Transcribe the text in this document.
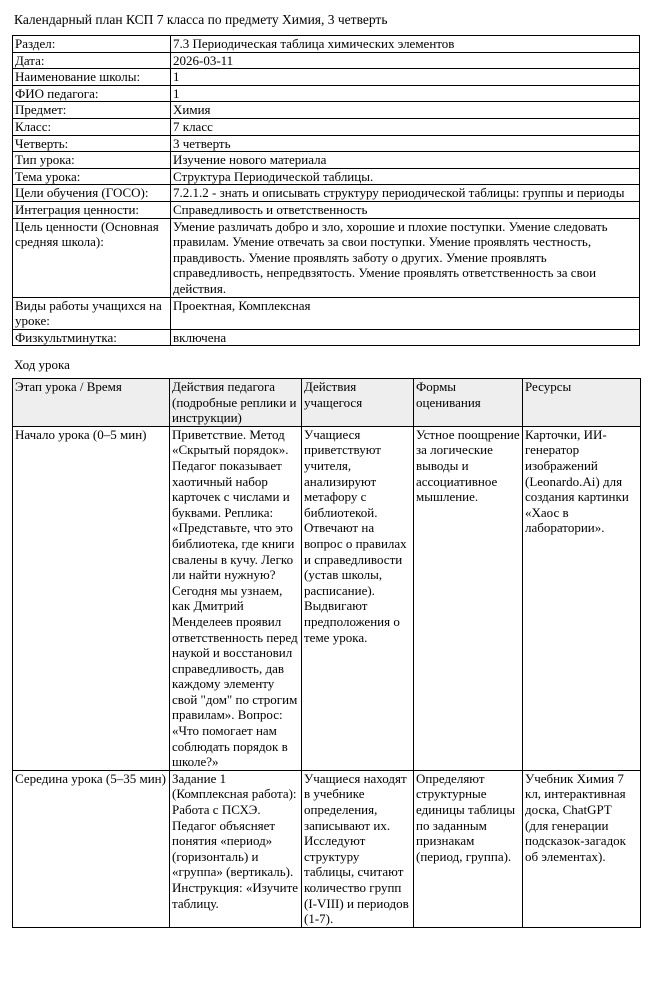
Календарный план КСП 7 класса по предмету Химия, 3 четверть
Раздел:	7.3 Периодическая таблица химических элементов
Дата:	2026-03-11
Наименование школы:	1
ФИО педагога:	1
Предмет:	Химия
Класс:	7 класс
Четверть:	3 четверть
Тип урока:	Изучение нового материала
Тема урока:	Структура Периодической таблицы.
Цели обучения (ГОСО):	7.2.1.2 - знать и описывать структуру периодической таблицы: группы и периоды
Интеграция ценности:	Справедливость и ответственность
Цель ценности (Основная средняя школа):	Умение различать добро и зло, хорошие и плохие поступки. Умение следовать правилам. Умение отвечать за свои поступки. Умение проявлять честность, правдивость. Умение проявлять заботу о других. Умение проявлять справедливость, непредвзятость. Умение проявлять ответственность за свои действия.
Виды работы учащихся на уроке:	Проектная, Комплексная
Физкультминутка:	включена
Ход урока
Этап урока / Время	Действия педагога (подробные реплики и инструкции)	Действия учащегося	Формы оценивания	Ресурсы
Начало урока (0–5 мин)	Приветствие. Метод «Скрытый порядок». Педагог показывает хаотичный набор карточек с числами и буквами. Реплика: «Представьте, что это библиотека, где книги свалены в кучу. Легко ли найти нужную? Сегодня мы узнаем, как Дмитрий Менделеев проявил ответственность перед наукой и восстановил справедливость, дав каждому элементу свой "дом" по строгим правилам». Вопрос: «Что помогает нам соблюдать порядок в школе?»	Учащиеся приветствуют учителя, анализируют метафору с библиотекой. Отвечают на вопрос о правилах и справедливости (устав школы, расписание). Выдвигают предположения о теме урока.	Устное поощрение за логические выводы и ассоциативное мышление.	Карточки, ИИ-генератор изображений (Leonardo.Ai) для создания картинки «Хаос в лаборатории».
Середина урока (5–35 мин)	Задание 1 (Комплексная работа): Работа с ПСХЭ. Педагог объясняет понятия «период» (горизонталь) и «группа» (вертикаль). Инструкция: «Изучите таблицу.	Учащиеся находят в учебнике определения, записывают их. Исследуют структуру таблицы, считают количество групп (I-VIII) и периодов (1-7).	Определяют структурные единицы таблицы по заданным признакам (период, группа).	Учебник Химия 7 кл, интерактивная доска, ChatGPT (для генерации подсказок-загадок об элементах).
